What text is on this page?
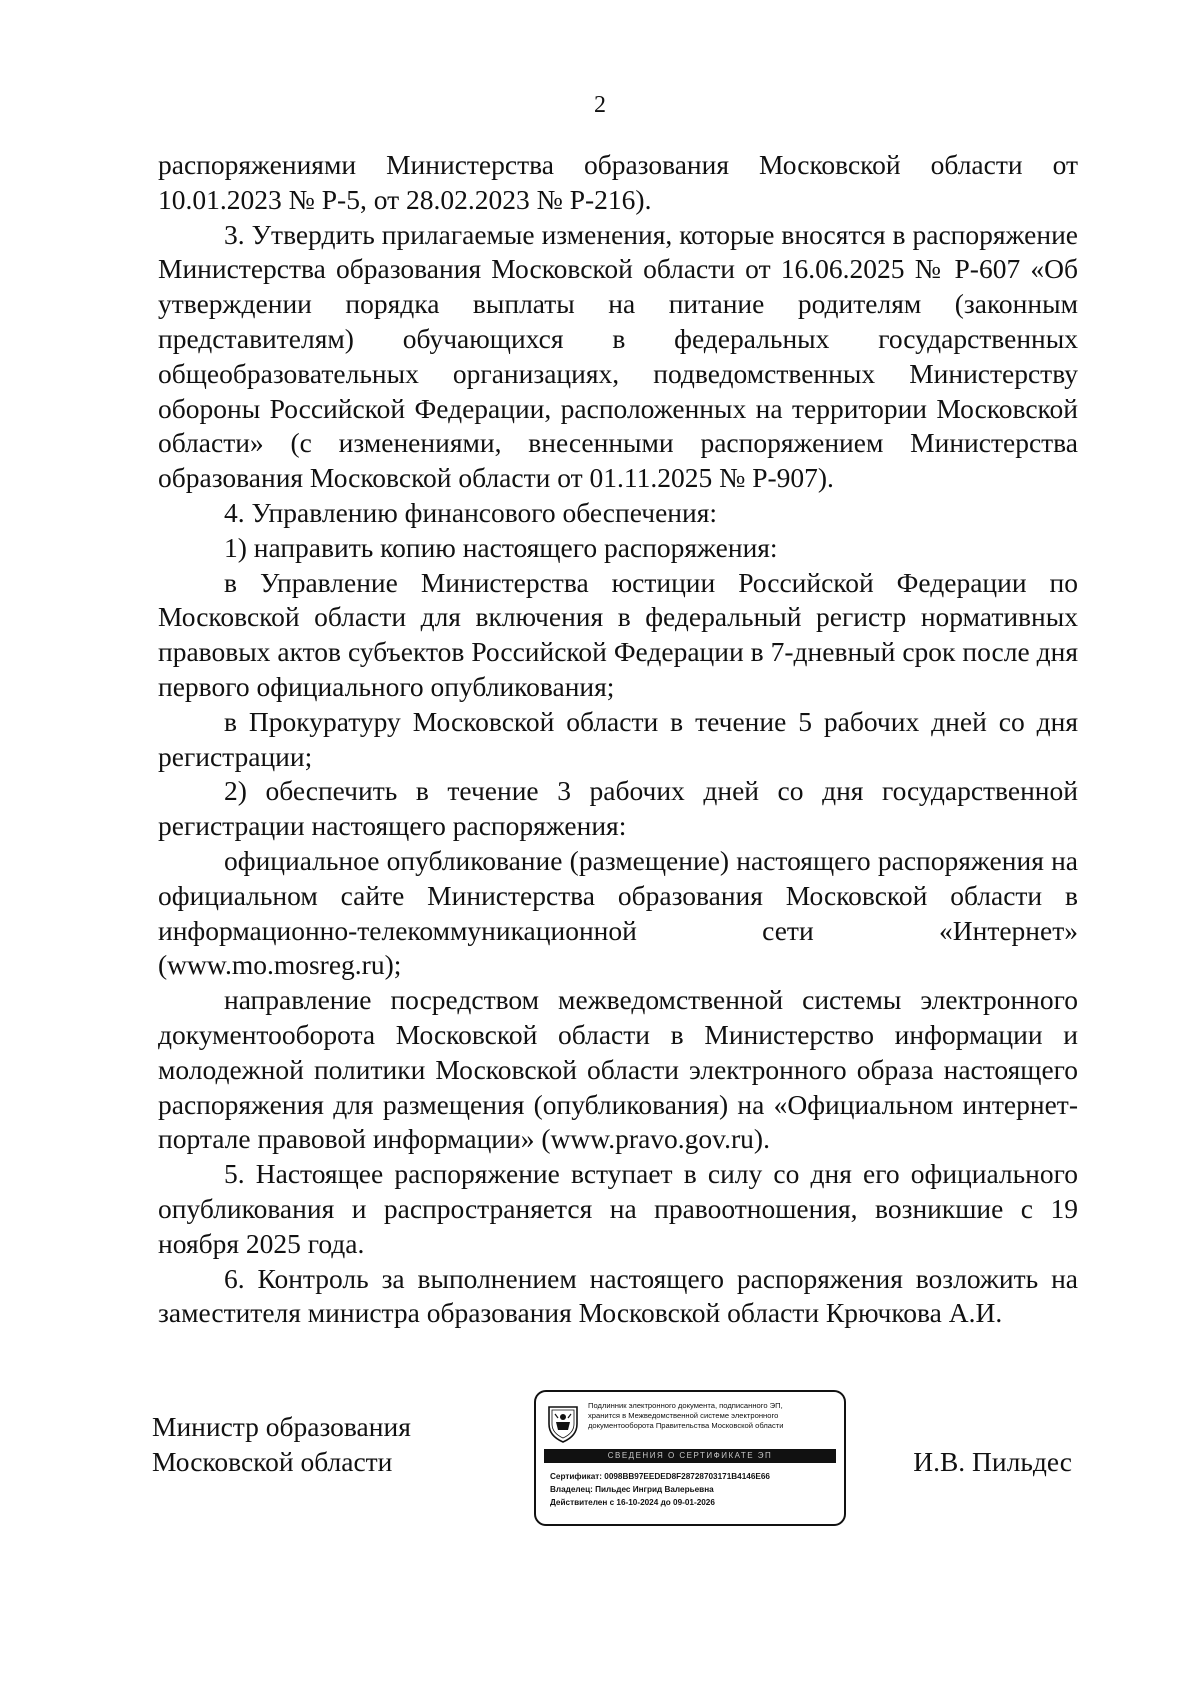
2

распоряжениями Министерства образования Московской области от 10.01.2023 № Р-5, от 28.02.2023 № Р-216).

3. Утвердить прилагаемые изменения, которые вносятся в распоряжение Министерства образования Московской области от 16.06.2025 № Р-607 «Об утверждении порядка выплаты на питание родителям (законным представителям) обучающихся в федеральных государственных общеобразовательных организациях, подведомственных Министерству обороны Российской Федерации, расположенных на территории Московской области» (с изменениями, внесенными распоряжением Министерства образования Московской области от 01.11.2025 № Р-907).

4. Управлению финансового обеспечения:

1) направить копию настоящего распоряжения:

в Управление Министерства юстиции Российской Федерации по Московской области для включения в федеральный регистр нормативных правовых актов субъектов Российской Федерации в 7-дневный срок после дня первого официального опубликования;

в Прокуратуру Московской области в течение 5 рабочих дней со дня регистрации;

2) обеспечить в течение 3 рабочих дней со дня государственной регистрации настоящего распоряжения:

официальное опубликование (размещение) настоящего распоряжения на официальном сайте Министерства образования Московской области в информационно-телекоммуникационной сети «Интернет» (www.mo.mosreg.ru);

направление посредством межведомственной системы электронного документооборота Московской области в Министерство информации и молодежной политики Московской области электронного образа настоящего распоряжения для размещения (опубликования) на «Официальном интернет-портале правовой информации» (www.pravo.gov.ru).

5. Настоящее распоряжение вступает в силу со дня его официального опубликования и распространяется на правоотношения, возникшие с 19 ноября 2025 года.

6. Контроль за выполнением настоящего распоряжения возложить на заместителя министра образования Московской области Крючкова А.И.

Министр образования
Московской области
Подлинник электронного документа, подписанного ЭП,
хранится в Межведомственной системе электронного
документооборота Правительства Московской области
СВЕДЕНИЯ О СЕРТИФИКАТЕ ЭП
Сертификат: 0098BB97EEDED8F28728703171B4146E66
Владелец: Пильдес Ингрид Валерьевна
Действителен с 16-10-2024 до 09-01-2026
И.В. Пильдес
